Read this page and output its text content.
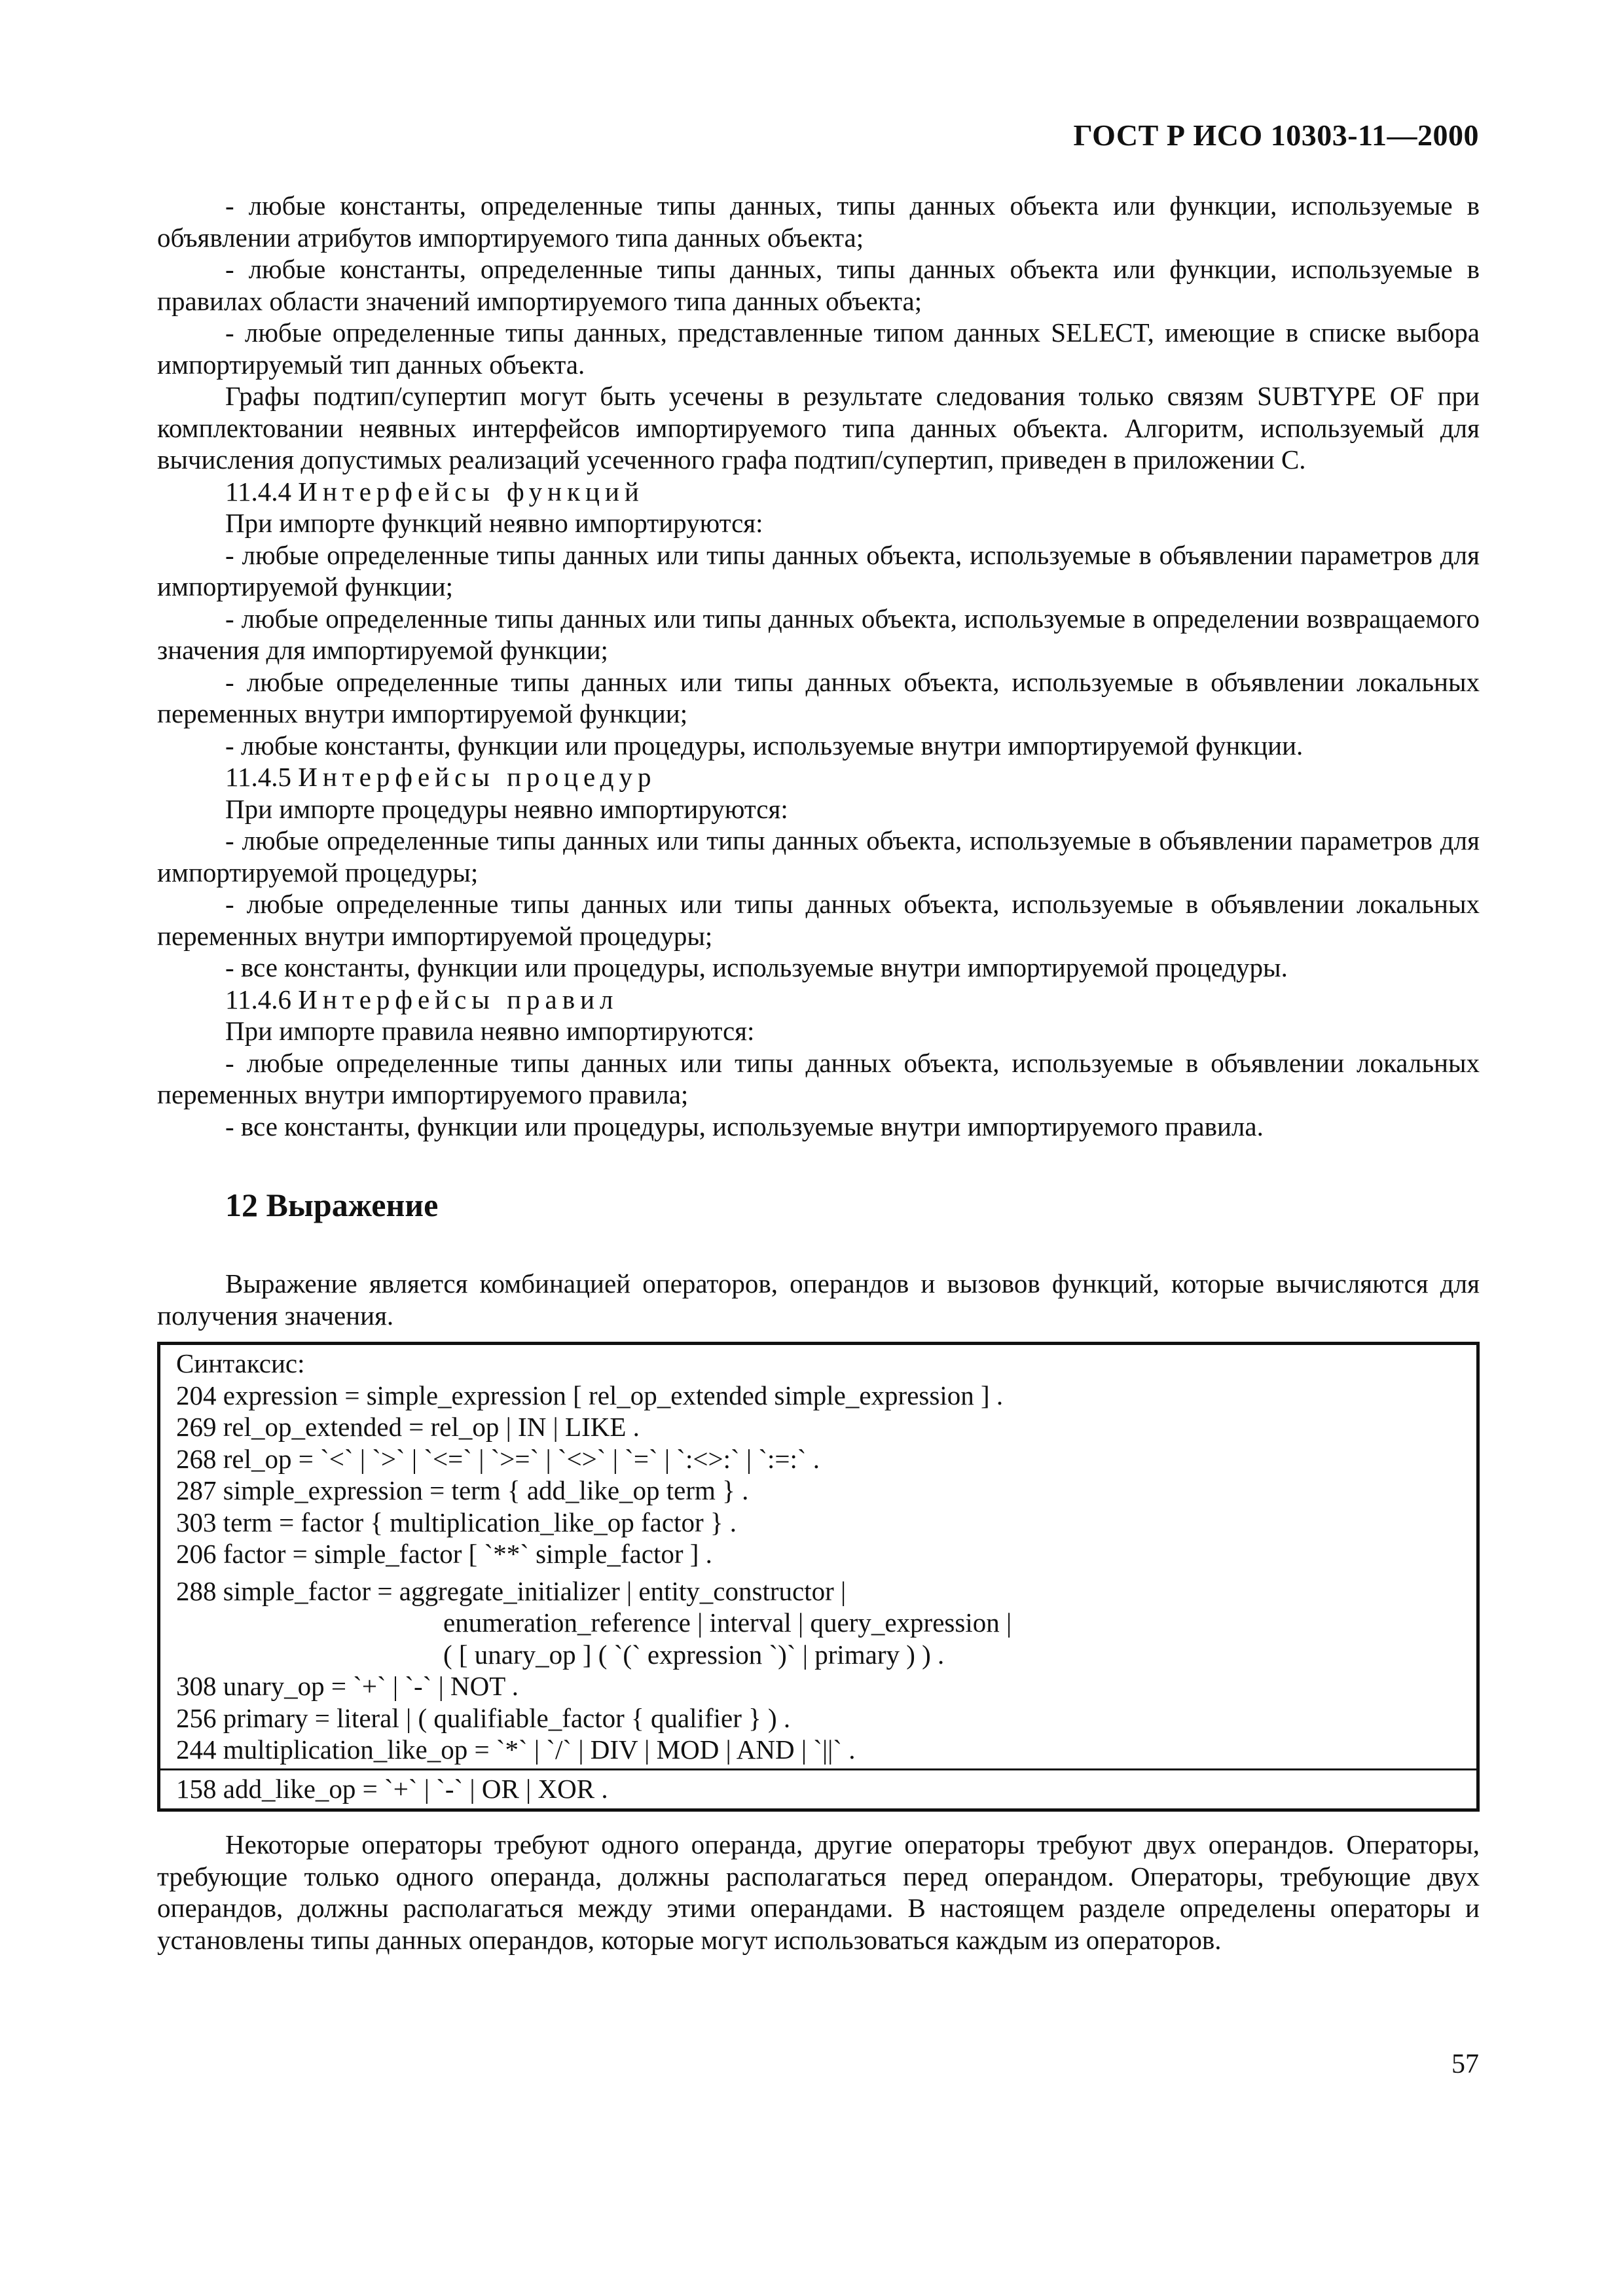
ГОСТ Р ИСО 10303-11—2000

- любые константы, определенные типы данных, типы данных объекта или функции, используемые в объявлении атрибутов импортируемого типа данных объекта;

- любые константы, определенные типы данных, типы данных объекта или функции, используемые в правилах области значений импортируемого типа данных объекта;

- любые определенные типы данных, представленные типом данных SELECT, имеющие в списке выбора импортируемый тип данных объекта.

Графы подтип/супертип могут быть усечены в результате следования только связям SUBTYPE OF при комплектовании неявных интерфейсов импортируемого типа данных объекта. Алгоритм, используемый для вычисления допустимых реализаций усеченного графа подтип/супертип, приведен в приложении С.

11.4.4 Интерфейсы функций

При импорте функций неявно импортируются:

- любые определенные типы данных или типы данных объекта, используемые в объявлении параметров для импортируемой функции;

- любые определенные типы данных или типы данных объекта, используемые в определении возвращаемого значения для импортируемой функции;

- любые определенные типы данных или типы данных объекта, используемые в объявлении локальных переменных внутри импортируемой функции;

- любые константы, функции или процедуры, используемые внутри импортируемой функции.

11.4.5 Интерфейсы процедур

При импорте процедуры неявно импортируются:

- любые определенные типы данных или типы данных объекта, используемые в объявлении параметров для импортируемой процедуры;

- любые определенные типы данных или типы данных объекта, используемые в объявлении локальных переменных внутри импортируемой процедуры;

- все константы, функции или процедуры, используемые внутри импортируемой процедуры.

11.4.6 Интерфейсы правил

При импорте правила неявно импортируются:

- любые определенные типы данных или типы данных объекта, используемые в объявлении локальных переменных внутри импортируемого правила;

- все константы, функции или процедуры, используемые внутри импортируемого правила.

12 Выражение

Выражение является комбинацией операторов, операндов и вызовов функций, которые вычисляются для получения значения.

Синтаксис:

204 expression = simple_expression [ rel_op_extended simple_expression ] .

269 rel_op_extended = rel_op | IN | LIKE .

268 rel_op = `<` | `>` | `<=` | `>=` | `<>` | `=` | `:<>:` | `:=:` .

287 simple_expression = term { add_like_op term } .

303 term = factor { multiplication_like_op factor } .

206 factor = simple_factor [ `**` simple_factor ] .

288 simple_factor = aggregate_initializer | entity_constructor |

enumeration_reference | interval | query_expression |

( [ unary_op ] ( `(` expression `)` | primary ) ) .

308 unary_op = `+` | `-` | NOT .

256 primary = literal | ( qualifiable_factor { qualifier } ) .

244 multiplication_like_op = `*` | `/` | DIV | MOD | AND | `||` .

158 add_like_op = `+` | `-` | OR | XOR .

Некоторые операторы требуют одного операнда, другие операторы требуют двух операндов. Операторы, требующие только одного операнда, должны располагаться перед операндом. Операторы, требующие двух операндов, должны располагаться между этими операндами. В настоящем разделе определены операторы и установлены типы данных операндов, которые могут использоваться каждым из операторов.

57
